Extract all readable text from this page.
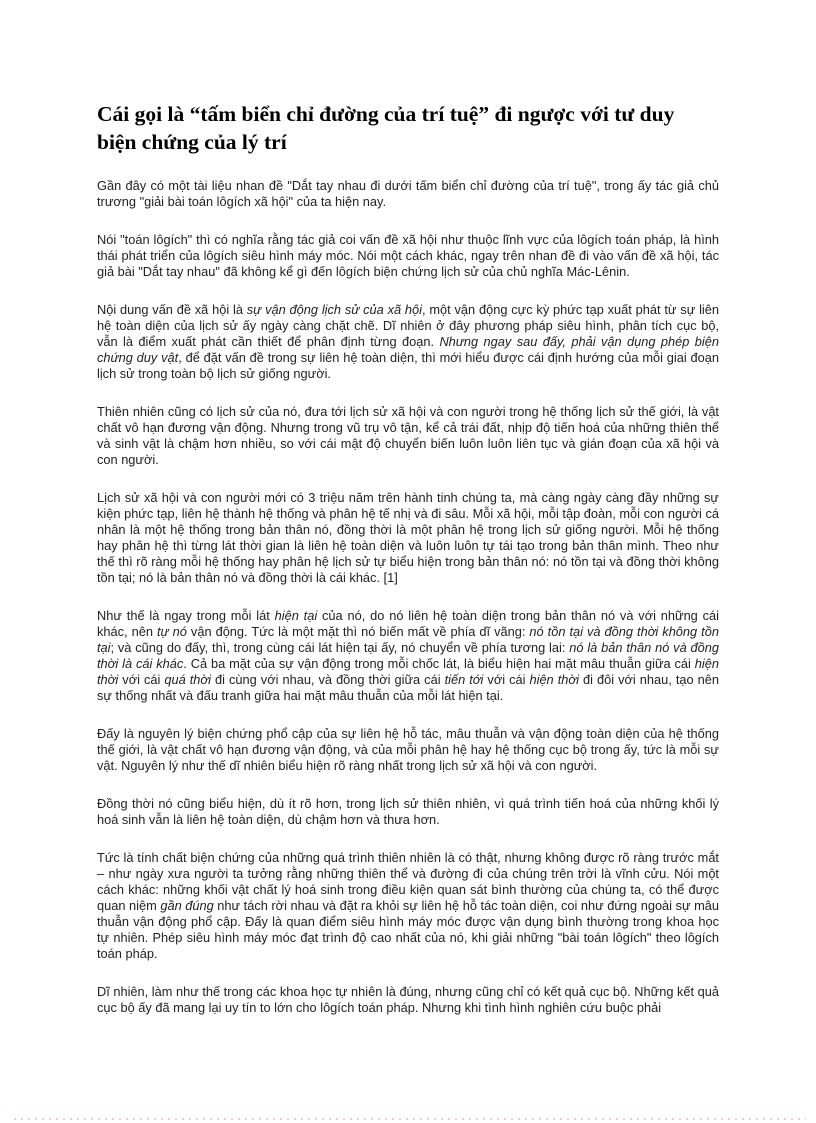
Cái gọi là “tấm biển chỉ đường của trí tuệ” đi ngược với tư duy biện chứng của lý trí

Gần đây có một tài liệu nhan đề "Dắt tay nhau đi dưới tấm biển chỉ đường của trí tuệ", trong ấy tác giả chủ trương "giải bài toán lôgích xã hội" của ta hiện nay.

Nói "toán lôgích" thì có nghĩa rằng tác giả coi vấn đề xã hội như thuộc lĩnh vực của lôgích toán pháp, là hình thái phát triển của lôgích siêu hình máy móc. Nói một cách khác, ngay trên nhan đề đi vào vấn đề xã hội, tác giả bài "Dắt tay nhau" đã không kể gì đến lôgích biện chứng lịch sử của chủ nghĩa Mác-Lênin.

Nội dung vấn đề xã hội là sự vận động lịch sử của xã hội, một vận động cực kỳ phức tạp xuất phát từ sự liên hệ toàn diện của lịch sử ấy ngày càng chặt chẽ. Dĩ nhiên ở đây phương pháp siêu hình, phân tích cục bộ, vẫn là điểm xuất phát cần thiết để phân định từng đoạn. Nhưng ngay sau đấy, phải vận dụng phép biện chứng duy vật, để đặt vấn đề trong sự liên hệ toàn diện, thì mới hiểu được cái định hướng của mỗi giai đoạn lịch sử trong toàn bộ lịch sử giống người.

Thiên nhiên cũng có lịch sử của nó, đưa tới lịch sử xã hội và con người trong hệ thống lịch sử thế giới, là vật chất vô hạn đương vận động. Nhưng trong vũ trụ vô tận, kể cả trái đất, nhịp độ tiến hoá của những thiên thể và sinh vật là chậm hơn nhiều, so với cái mật độ chuyển biến luôn luôn liên tục và gián đoạn của xã hội và con người.

Lịch sử xã hội và con người mới có 3 triệu năm trên hành tinh chúng ta, mà càng ngày càng đầy những sự kiện phức tạp, liên hệ thành hệ thống và phân hệ tế nhị và đi sâu. Mỗi xã hội, mỗi tập đoàn, mỗi con người cá nhân là một hệ thống trong bản thân nó, đồng thời là một phân hệ trong lịch sử giống người. Mỗi hệ thống hay phân hệ thì từng lát thời gian là liên hệ toàn diện và luôn luôn tự tái tạo trong bản thân mình. Theo như thế thì rõ ràng mỗi hệ thống hay phân hệ lịch sử tự biểu hiện trong bản thân nó: nó tồn tại và đồng thời không tồn tại; nó là bản thân nó và đồng thời là cái khác. [1]

Như thế là ngay trong mỗi lát hiện tại của nó, do nó liên hệ toàn diện trong bản thân nó và với những cái khác, nên tự nó vận động. Tức là một mặt thì nó biến mất về phía dĩ vãng: nó tồn tại và đồng thời không tồn tại; và cũng do đấy, thì, trong cùng cái lát hiện tại ấy, nó chuyển về phía tương lai: nó là bản thân nó và đồng thời là cái khác. Cả ba mặt của sự vận động trong mỗi chốc lát, là biểu hiện hai mặt mâu thuẫn giữa cái hiện thời với cái quá thời đi cùng với nhau, và đồng thời giữa cái tiến tới với cái hiện thời đi đôi với nhau, tạo nên sự thống nhất và đấu tranh giữa hai mặt mâu thuẫn của mỗi lát hiện tại.

Đấy là nguyên lý biện chứng phổ cập của sự liên hệ hỗ tác, mâu thuẫn và vận động toàn diện của hệ thống thế giới, là vật chất vô hạn đương vận động, và của mỗi phân hệ hay hệ thống cục bộ trong ấy, tức là mỗi sự vật. Nguyên lý như thế dĩ nhiên biểu hiện rõ ràng nhất trong lịch sử xã hội và con người.

Đồng thời nó cũng biểu hiện, dù ít rõ hơn, trong lịch sử thiên nhiên, vì quá trình tiến hoá của những khối lý hoá sinh vẫn là liên hệ toàn diện, dù chậm hơn và thưa hơn.

Tức là tính chất biện chứng của những quá trình thiên nhiên là có thật, nhưng không được rõ ràng trước mắt – như ngày xưa người ta tưởng rằng những thiên thể và đường đi của chúng trên trời là vĩnh cửu. Nói một cách khác: những khối vật chất lý hoá sinh trong điều kiện quan sát bình thường của chúng ta, có thể được quan niệm gần đúng như tách rời nhau và đặt ra khỏi sự liên hệ hỗ tác toàn diện, coi như đứng ngoài sự mâu thuẫn vận động phổ cập. Đấy là quan điểm siêu hình máy móc được vận dụng bình thường trong khoa học tự nhiên. Phép siêu hình máy móc đạt trình độ cao nhất của nó, khi giải những "bài toán lôgích" theo lôgích toán pháp.

Dĩ nhiên, làm như thế trong các khoa học tự nhiên là đúng, nhưng cũng chỉ có kết quả cục bộ. Những kết quả cục bộ ấy đã mang lại uy tín to lớn cho lôgích toán pháp. Nhưng khi tình hình nghiên cứu buộc phải
